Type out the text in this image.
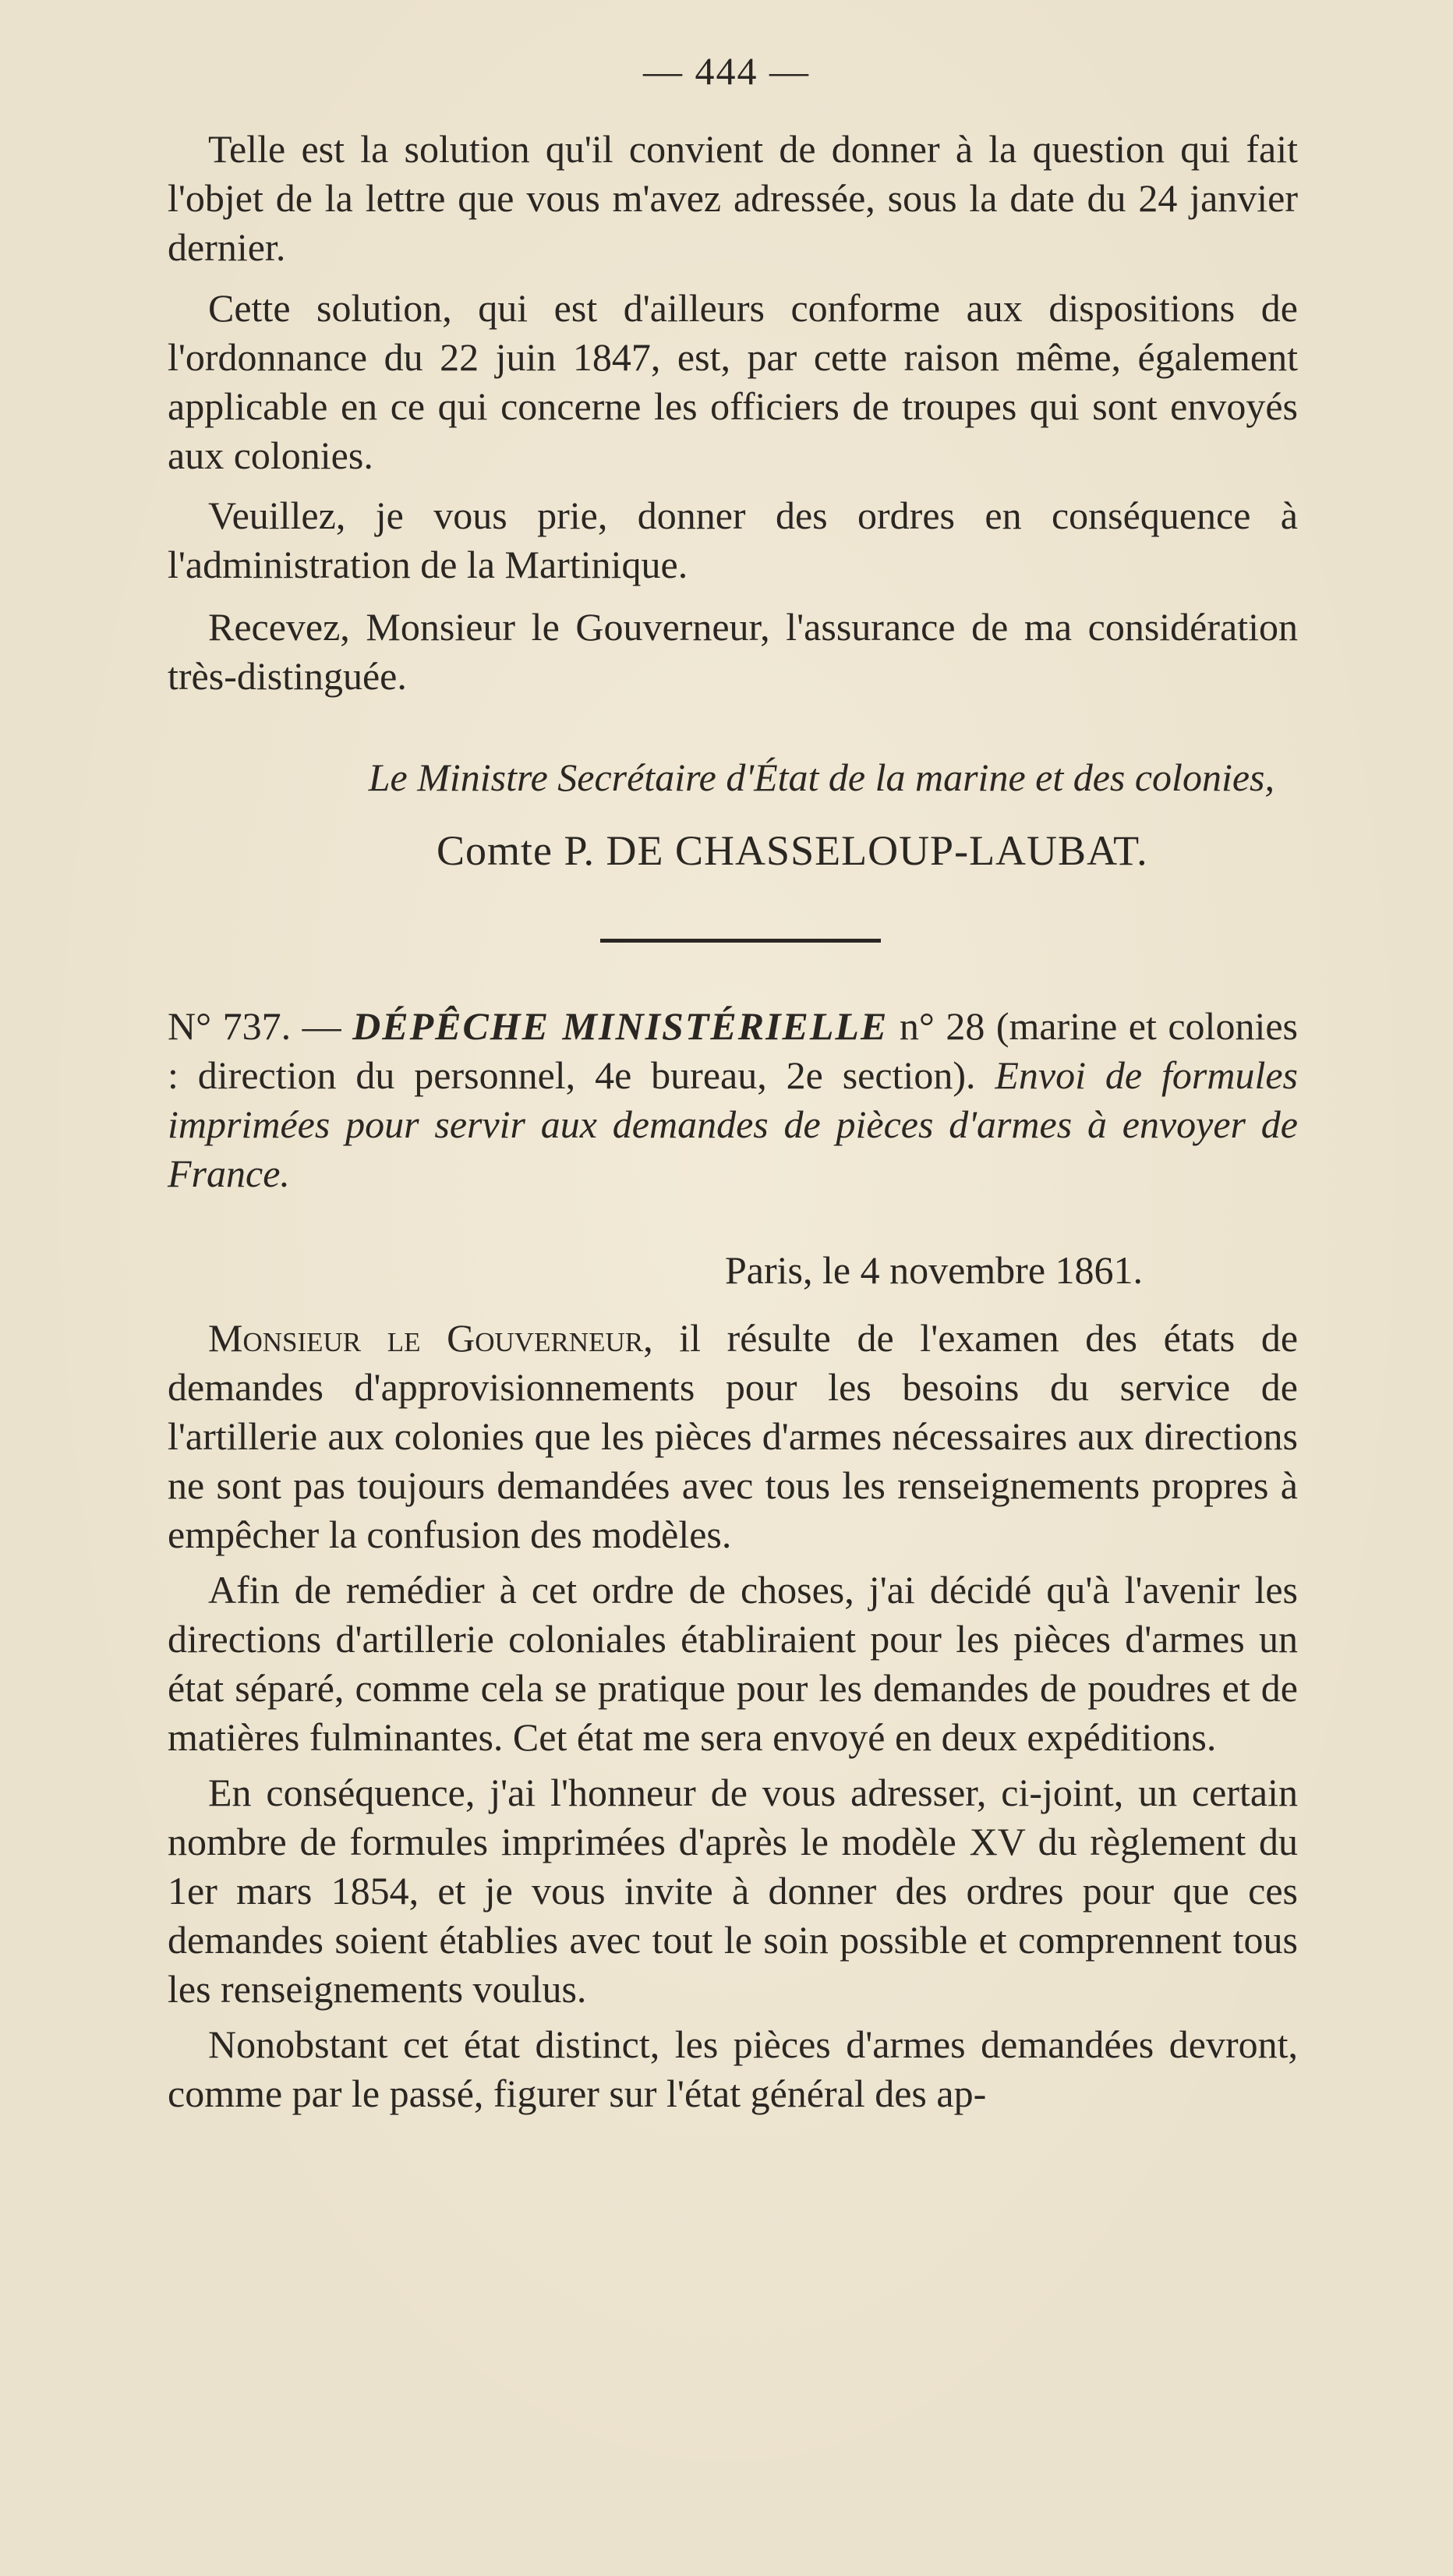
— 444 —

Telle est la solution qu'il convient de donner à la question qui fait l'objet de la lettre que vous m'avez adressée, sous la date du 24 janvier dernier.

Cette solution, qui est d'ailleurs conforme aux dispositions de l'ordonnance du 22 juin 1847, est, par cette raison même, également applicable en ce qui concerne les officiers de troupes qui sont envoyés aux colonies.

Veuillez, je vous prie, donner des ordres en conséquence à l'administration de la Martinique.

Recevez, Monsieur le Gouverneur, l'assurance de ma considération très-distinguée.

Le Ministre Secrétaire d'État de la marine et des colonies,
Comte P. DE CHASSELOUP-LAUBAT.
N° 737. — DÉPÊCHE MINISTÉRIELLE n° 28 (marine et colonies : direction du personnel, 4e bureau, 2e section). Envoi de formules imprimées pour servir aux demandes de pièces d'armes à envoyer de France.
Paris, le 4 novembre 1861.

Monsieur le Gouverneur, il résulte de l'examen des états de demandes d'approvisionnements pour les besoins du service de l'artillerie aux colonies que les pièces d'armes nécessaires aux directions ne sont pas toujours demandées avec tous les renseignements propres à empêcher la confusion des modèles.

Afin de remédier à cet ordre de choses, j'ai décidé qu'à l'avenir les directions d'artillerie coloniales établiraient pour les pièces d'armes un état séparé, comme cela se pratique pour les demandes de poudres et de matières fulminantes. Cet état me sera envoyé en deux expéditions.

En conséquence, j'ai l'honneur de vous adresser, ci-joint, un certain nombre de formules imprimées d'après le modèle XV du règlement du 1er mars 1854, et je vous invite à donner des ordres pour que ces demandes soient établies avec tout le soin possible et comprennent tous les renseignements voulus.

Nonobstant cet état distinct, les pièces d'armes demandées devront, comme par le passé, figurer sur l'état général des ap-
